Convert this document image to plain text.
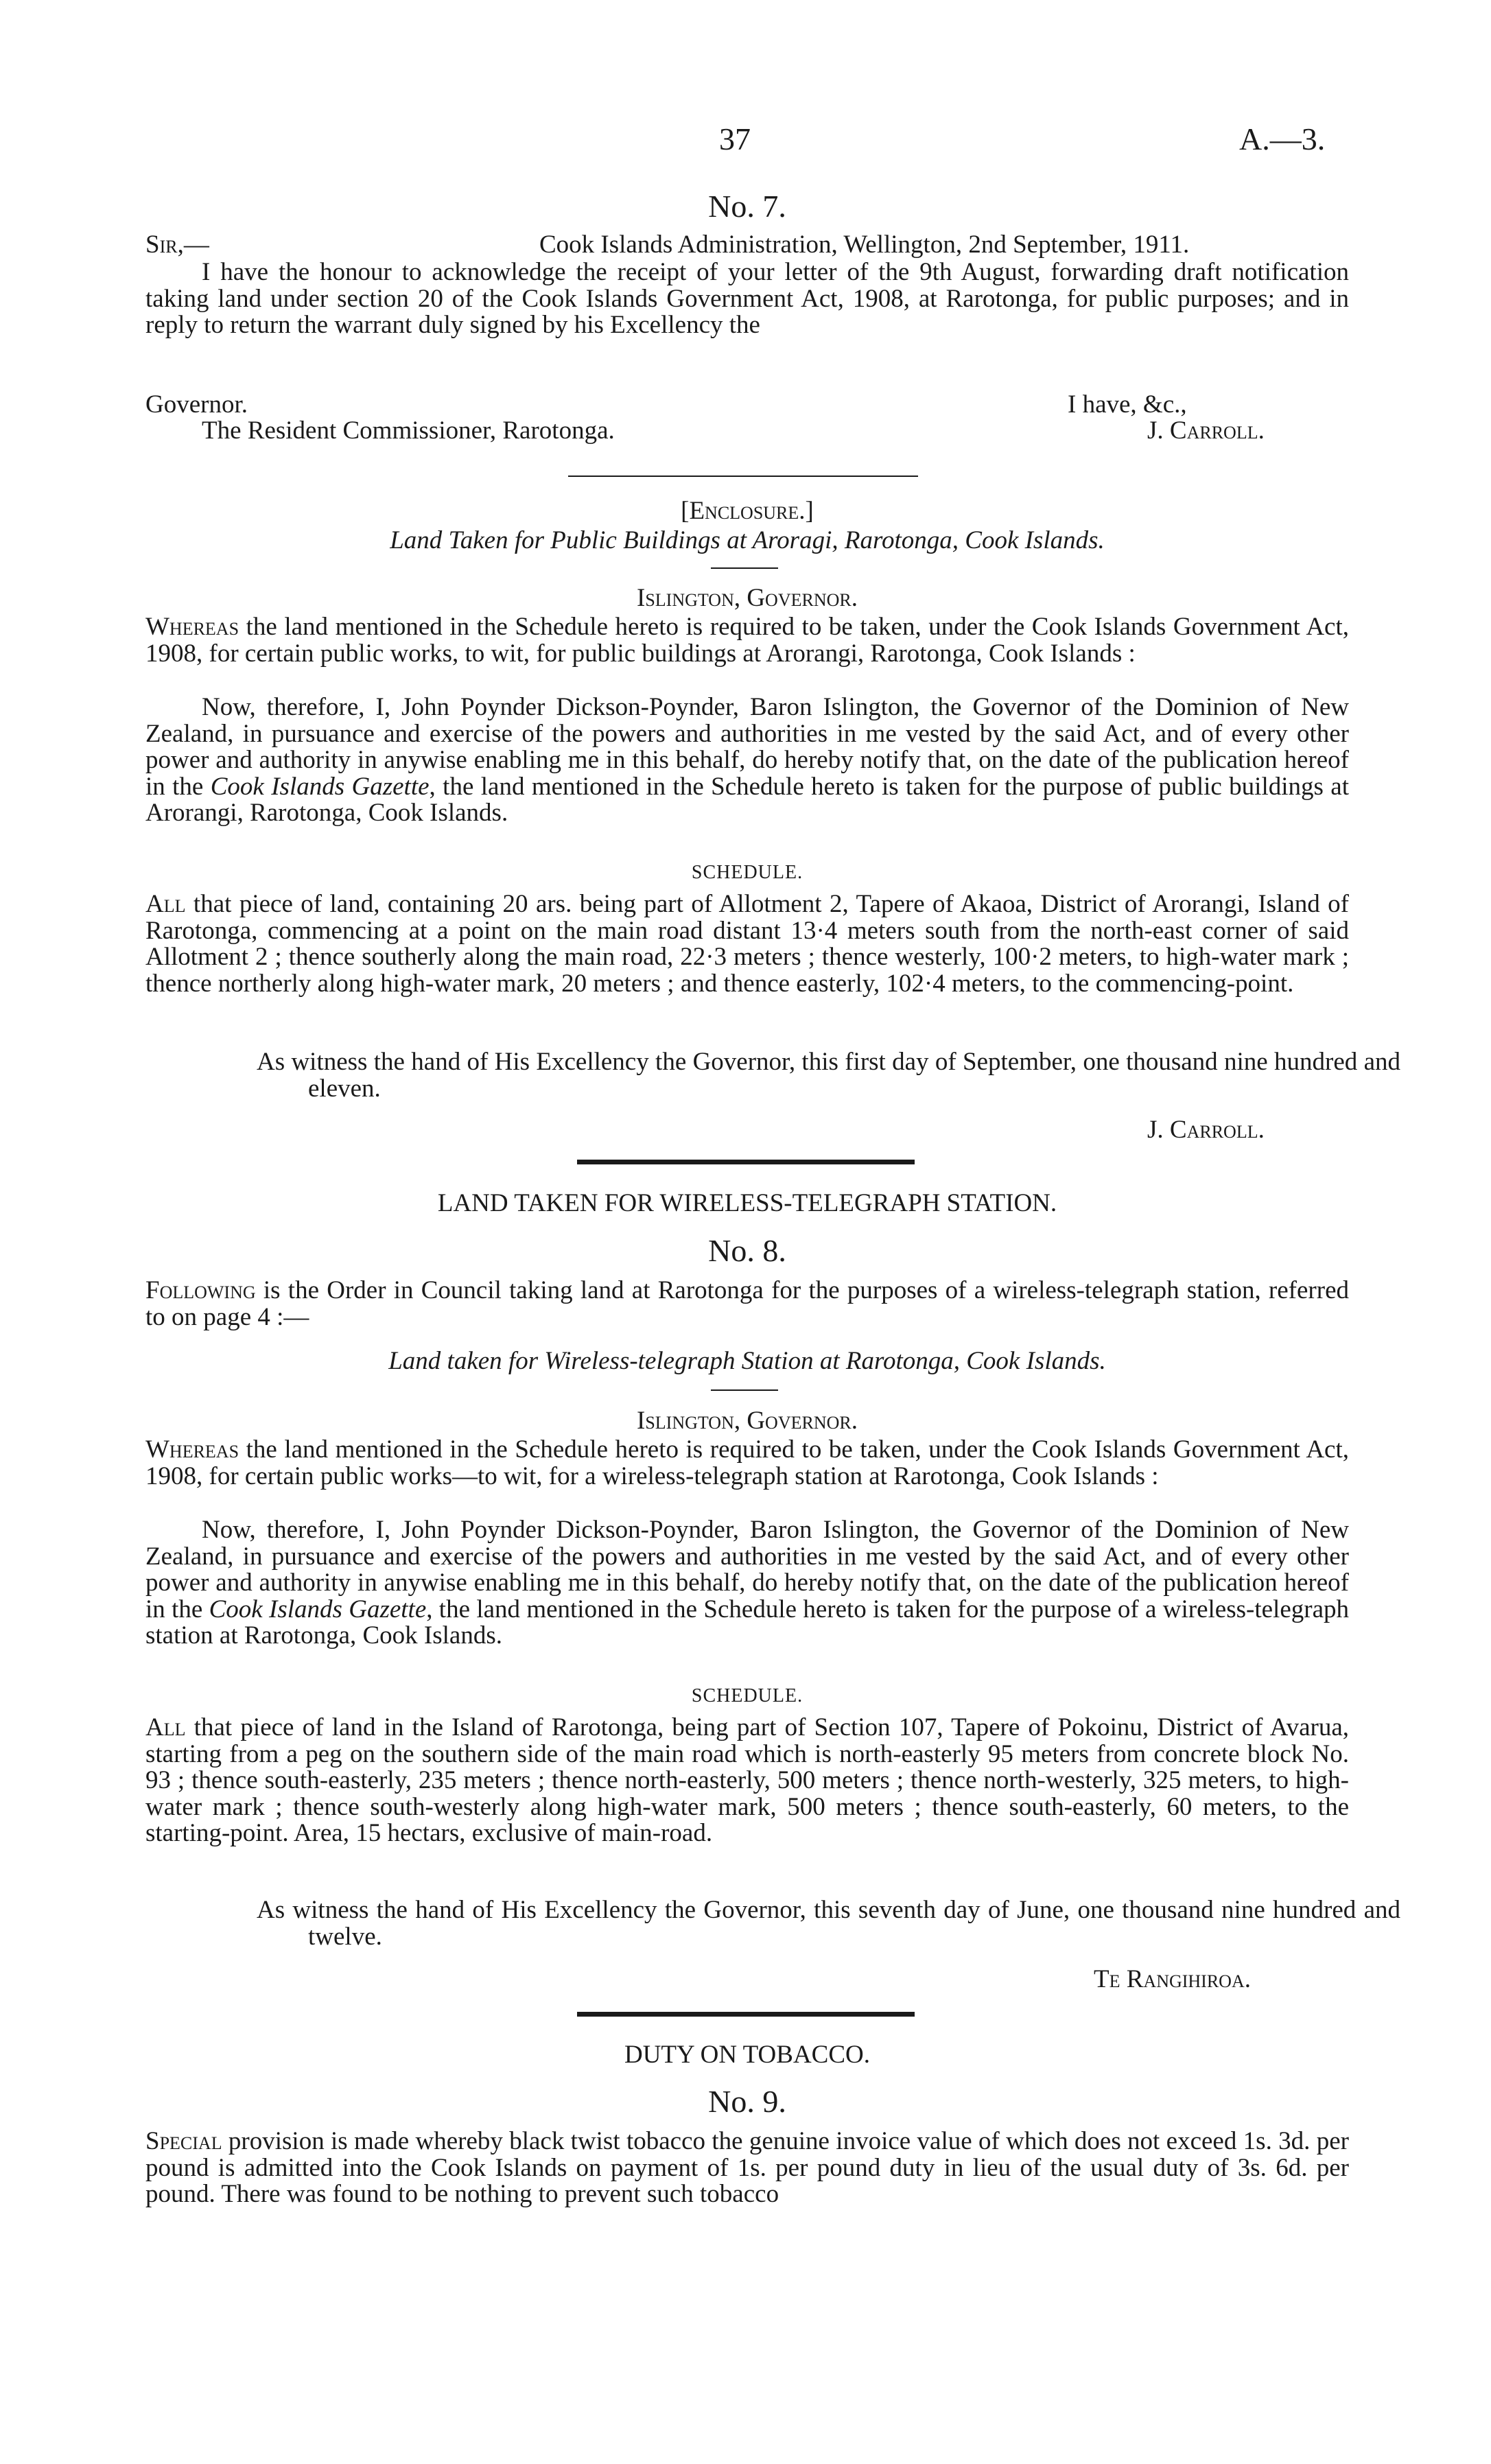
37	A.—3.
No. 7.
Sir,—	Cook Islands Administration, Wellington, 2nd September, 1911.
I have the honour to acknowledge the receipt of your letter of the 9th August, forwarding draft notification taking land under section 20 of the Cook Islands Government Act, 1908, at Rarotonga, for public purposes; and in reply to return the warrant duly signed by his Excellency the
Governor.	I have, &c.,
The Resident Commissioner, Rarotonga.	J. Carroll.
[Enclosure.]
Land Taken for Public Buildings at Aroragi, Rarotonga, Cook Islands.
Islington, Governor.
Whereas the land mentioned in the Schedule hereto is required to be taken, under the Cook Islands Government Act, 1908, for certain public works, to wit, for public buildings at Arorangi, Rarotonga, Cook Islands :
Now, therefore, I, John Poynder Dickson-Poynder, Baron Islington, the Governor of the Dominion of New Zealand, in pursuance and exercise of the powers and authorities in me vested by the said Act, and of every other power and authority in anywise enabling me in this behalf, do hereby notify that, on the date of the publication hereof in the Cook Islands Gazette, the land mentioned in the Schedule hereto is taken for the purpose of public buildings at Arorangi, Rarotonga, Cook Islands.
SCHEDULE.
All that piece of land, containing 20 ars. being part of Allotment 2, Tapere of Akaoa, District of Arorangi, Island of Rarotonga, commencing at a point on the main road distant 13·4 meters south from the north-east corner of said Allotment 2 ; thence southerly along the main road, 22·3 meters ; thence westerly, 100·2 meters, to high-water mark ; thence northerly along high-water mark, 20 meters ; and thence easterly, 102·4 meters, to the commencing-point.
As witness the hand of His Excellency the Governor, this first day of September, one thousand nine hundred and eleven.
J. Carroll.
LAND TAKEN FOR WIRELESS-TELEGRAPH STATION.
No. 8.
Following is the Order in Council taking land at Rarotonga for the purposes of a wireless-telegraph station, referred to on page 4 :—
Land taken for Wireless-telegraph Station at Rarotonga, Cook Islands.
Islington, Governor.
Whereas the land mentioned in the Schedule hereto is required to be taken, under the Cook Islands Government Act, 1908, for certain public works—to wit, for a wireless-telegraph station at Rarotonga, Cook Islands :
Now, therefore, I, John Poynder Dickson-Poynder, Baron Islington, the Governor of the Dominion of New Zealand, in pursuance and exercise of the powers and authorities in me vested by the said Act, and of every other power and authority in anywise enabling me in this behalf, do hereby notify that, on the date of the publication hereof in the Cook Islands Gazette, the land mentioned in the Schedule hereto is taken for the purpose of a wireless-telegraph station at Rarotonga, Cook Islands.
SCHEDULE.
All that piece of land in the Island of Rarotonga, being part of Section 107, Tapere of Pokoinu, District of Avarua, starting from a peg on the southern side of the main road which is north-easterly 95 meters from concrete block No. 93 ; thence south-easterly, 235 meters ; thence north-easterly, 500 meters ; thence north-westerly, 325 meters, to high-water mark ; thence south-westerly along high-water mark, 500 meters ; thence south-easterly, 60 meters, to the starting-point. Area, 15 hectars, exclusive of main-road.
As witness the hand of His Excellency the Governor, this seventh day of June, one thousand nine hundred and twelve.
Te Rangihiroa.
DUTY ON TOBACCO.
No. 9.
Special provision is made whereby black twist tobacco the genuine invoice value of which does not exceed 1s. 3d. per pound is admitted into the Cook Islands on payment of 1s. per pound duty in lieu of the usual duty of 3s. 6d. per pound. There was found to be nothing to prevent such tobacco
